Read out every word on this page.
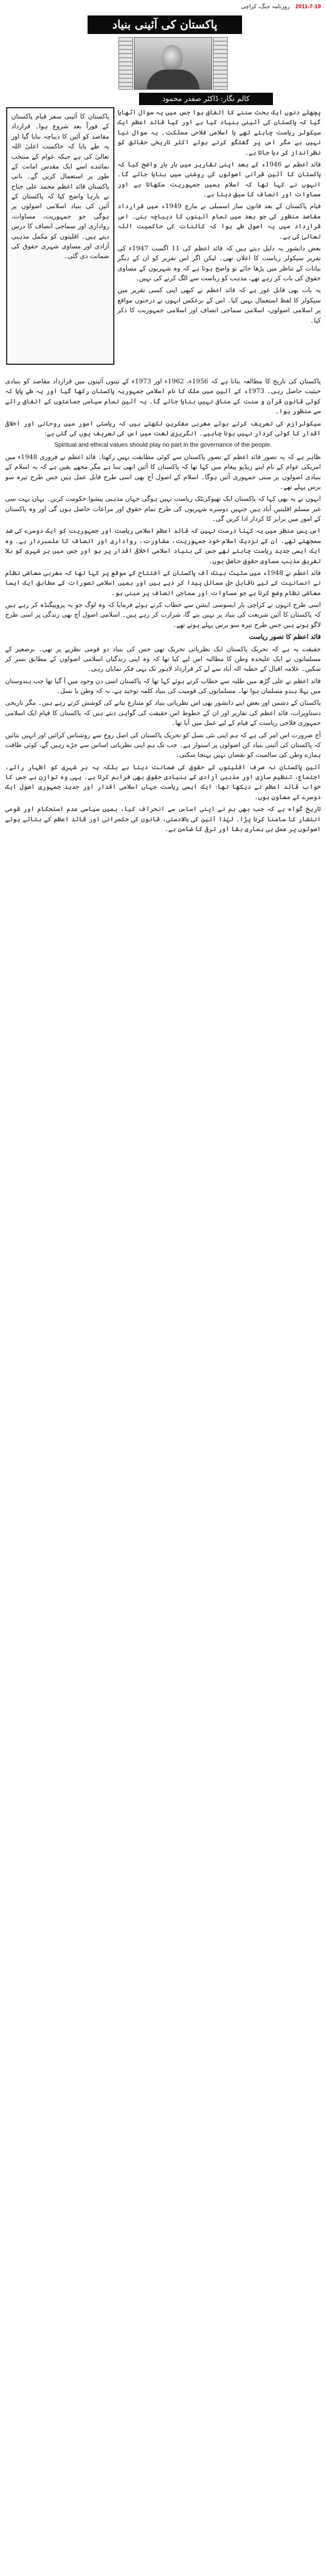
2011-7-19 روزنامہ جنگ، کراچی
پاکستان کی آئینی بنیاد
کالم نگار: ڈاکٹر صفدر محمود
پاکستان کا آئینی سفر قیام پاکستان کے فوراً بعد شروع ہوا۔ قرارداد مقاصد کو آئین کا دیباچہ بنایا گیا اور یہ طے پایا کہ حاکمیت اعلیٰ اللہ تعالیٰ کی ہے جبکہ عوام کے منتخب نمائندے اسے ایک مقدس امانت کے طور پر استعمال کریں گے۔ بانی پاکستان قائد اعظم محمد علی جناح نے بارہا واضح کیا کہ پاکستان کے آئین کی بنیاد اسلامی اصولوں پر ہوگی جو جمہوریت، مساوات، رواداری اور سماجی انصاف کا درس دیتے ہیں۔ اقلیتوں کو مکمل مذہبی آزادی اور مساوی شہری حقوق کی ضمانت دی گئی۔

پچھلے دنوں ایک بحث سننے کا اتفاق ہوا جس میں یہ سوال اٹھایا گیا کہ پاکستان کی آئینی بنیاد کیا ہے اور کیا قائد اعظم ایک سیکولر ریاست چاہتے تھے یا اسلامی فلاحی مملکت۔ یہ سوال نیا نہیں ہے مگر اس پر گفتگو کرتے ہوئے اکثر تاریخی حقائق کو نظرانداز کر دیا جاتا ہے۔

قائد اعظم نے 1946ء کے بعد اپنی تقاریر میں بار بار واضح کیا کہ پاکستان کا آئین قرآنی اصولوں کی روشنی میں بنایا جائے گا۔ انہوں نے کہا تھا کہ اسلام ہمیں جمہوریت سکھاتا ہے اور مساوات اور انصاف کا سبق دیتا ہے۔

قیام پاکستان کے بعد قانون ساز اسمبلی نے مارچ 1949ء میں قرارداد مقاصد منظور کی جو بعد میں تمام آئینوں کا دیباچہ بنی۔ اس قرارداد میں یہ اصول طے ہوا کہ کائنات کی حاکمیت اللہ تعالیٰ کی ہے۔

بعض دانشور یہ دلیل دیتے ہیں کہ قائد اعظم کی 11 اگست 1947ء کی تقریر سیکولر ریاست کا اعلان تھی۔ لیکن اگر اس تقریر کو ان کے دیگر بیانات کے تناظر میں پڑھا جائے تو واضح ہوتا ہے کہ وہ شہریوں کے مساوی حقوق کی بات کر رہے تھے، مذہب کو ریاست سے الگ کرنے کی نہیں۔

یہ بات بھی قابل غور ہے کہ قائد اعظم نے کبھی اپنی کسی تقریر میں سیکولر کا لفظ استعمال نہیں کیا۔ اس کے برعکس انہوں نے درجنوں مواقع پر اسلامی اصولوں، اسلامی سماجی انصاف اور اسلامی جمہوریت کا ذکر کیا۔

پاکستان کی تاریخ کا مطالعہ بتاتا ہے کہ 1956ء، 1962ء اور 1973ء کے تینوں آئینوں میں قرارداد مقاصد کو بنیادی حیثیت حاصل رہی۔ 1973ء کے آئین میں ملک کا نام اسلامی جمہوریہ پاکستان رکھا گیا اور یہ طے پایا کہ کوئی قانون قرآن و سنت کے منافی نہیں بنایا جائے گا۔ یہ آئین تمام سیاسی جماعتوں کے اتفاق رائے سے منظور ہوا۔

سیکولرازم کی تعریف کرتے ہوئے مغربی مفکرین لکھتے ہیں کہ ریاستی امور میں روحانی اور اخلاقی اقدار کا کوئی کردار نہیں ہونا چاہیے۔ انگریزی لغت میں اس کی تعریف یوں کی گئی ہے:

Spiritual and ethical values should play no part in the governance of the people.

ظاہر ہے کہ یہ تصور قائد اعظم کے تصور پاکستان سے کوئی مطابقت نہیں رکھتا۔ قائد اعظم نے فروری 1948ء میں امریکی عوام کے نام اپنے ریڈیو پیغام میں کہا تھا کہ پاکستان کا آئین ابھی بننا ہے مگر مجھے یقین ہے کہ یہ اسلام کے بنیادی اصولوں پر مبنی جمہوری آئین ہوگا۔ اسلام کے اصول آج بھی اسی طرح قابل عمل ہیں جس طرح تیرہ سو برس پہلے تھے۔

انہوں نے یہ بھی کہا کہ پاکستان ایک تھیوکریٹک ریاست نہیں ہوگی جہاں مذہبی پیشوا حکومت کریں۔ یہاں بہت سی غیر مسلم اقلیتیں آباد ہیں جنہیں دوسرے شہریوں کی طرح تمام حقوق اور مراعات حاصل ہوں گی اور وہ پاکستان کے امور میں برابر کا کردار ادا کریں گی۔

اس پس منظر میں یہ کہنا درست نہیں کہ قائد اعظم اسلامی ریاست اور جمہوریت کو ایک دوسرے کی ضد سمجھتے تھے۔ ان کے نزدیک اسلام خود جمہوریت، مشاورت، رواداری اور انصاف کا علمبردار ہے۔ وہ ایک ایسی جدید ریاست چاہتے تھے جس کی بنیاد اسلامی اخلاقی اقدار پر ہو اور جس میں ہر شہری کو بلا تفریق مذہب مساوی حقوق حاصل ہوں۔

قائد اعظم نے 1948ء میں سٹیٹ بینک آف پاکستان کے افتتاح کے موقع پر کہا تھا کہ مغربی معاشی نظام نے انسانیت کے لیے ناقابل حل مسائل پیدا کر دیے ہیں اور ہمیں اسلامی تصورات کے مطابق ایک ایسا معاشی نظام وضع کرنا ہے جو مساوات اور سماجی انصاف پر مبنی ہو۔

اسی طرح انہوں نے کراچی بار ایسوسی ایشن سے خطاب کرتے ہوئے فرمایا کہ وہ لوگ جو یہ پروپیگنڈہ کر رہے ہیں کہ پاکستان کا آئین شریعت کی بنیاد پر نہیں بنے گا، شرارت کر رہے ہیں۔ اسلامی اصول آج بھی زندگی پر اسی طرح لاگو ہوتے ہیں جس طرح تیرہ سو برس پہلے ہوتے تھے۔

قائد اعظم کا تصور ریاست

حقیقت یہ ہے کہ تحریک پاکستان ایک نظریاتی تحریک تھی جس کی بنیاد دو قومی نظریے پر تھی۔ برصغیر کے مسلمانوں نے ایک علیحدہ وطن کا مطالبہ اس لیے کیا تھا کہ وہ اپنی زندگیاں اسلامی اصولوں کے مطابق بسر کر سکیں۔ علامہ اقبال کے خطبہ الہ آباد سے لے کر قرارداد لاہور تک یہی فکر نمایاں رہی۔

قائد اعظم نے علی گڑھ میں طلبہ سے خطاب کرتے ہوئے کہا تھا کہ پاکستان اسی دن وجود میں آ گیا تھا جب ہندوستان میں پہلا ہندو مسلمان ہوا تھا۔ مسلمانوں کی قومیت کی بنیاد کلمہ توحید ہے، نہ کہ وطن یا نسل۔

پاکستان کے دشمن اور بعض اپنے دانشور بھی اس نظریاتی بنیاد کو متنازع بنانے کی کوشش کرتے رہے ہیں۔ مگر تاریخی دستاویزات، قائد اعظم کی تقاریر اور ان کے خطوط اس حقیقت کی گواہی دیتے ہیں کہ پاکستان کا قیام ایک اسلامی جمہوری فلاحی ریاست کے قیام کے لیے عمل میں آیا تھا۔

آج ضرورت اس امر کی ہے کہ ہم اپنی نئی نسل کو تحریک پاکستان کی اصل روح سے روشناس کرائیں اور انہیں بتائیں کہ پاکستان کی آئینی بنیاد کن اصولوں پر استوار ہے۔ جب تک ہم اپنی نظریاتی اساس سے جڑے رہیں گے، کوئی طاقت ہمارے وطن کی سالمیت کو نقصان نہیں پہنچا سکتی۔

آئین پاکستان نہ صرف اقلیتوں کے حقوق کی ضمانت دیتا ہے بلکہ یہ ہر شہری کو اظہار رائے، اجتماع، تنظیم سازی اور مذہبی آزادی کے بنیادی حقوق بھی فراہم کرتا ہے۔ یہی وہ توازن ہے جس کا خواب قائد اعظم نے دیکھا تھا: ایک ایسی ریاست جہاں اسلامی اقدار اور جدید جمہوری اصول ایک دوسرے کے معاون ہوں۔

تاریخ گواہ ہے کہ جب بھی ہم نے اپنی اساس سے انحراف کیا، ہمیں سیاسی عدم استحکام اور قومی انتشار کا سامنا کرنا پڑا۔ لہٰذا آئین کی بالادستی، قانون کی حکمرانی اور قائد اعظم کے بتائے ہوئے اصولوں پر عمل ہی ہماری بقا اور ترقی کا ضامن ہے۔
